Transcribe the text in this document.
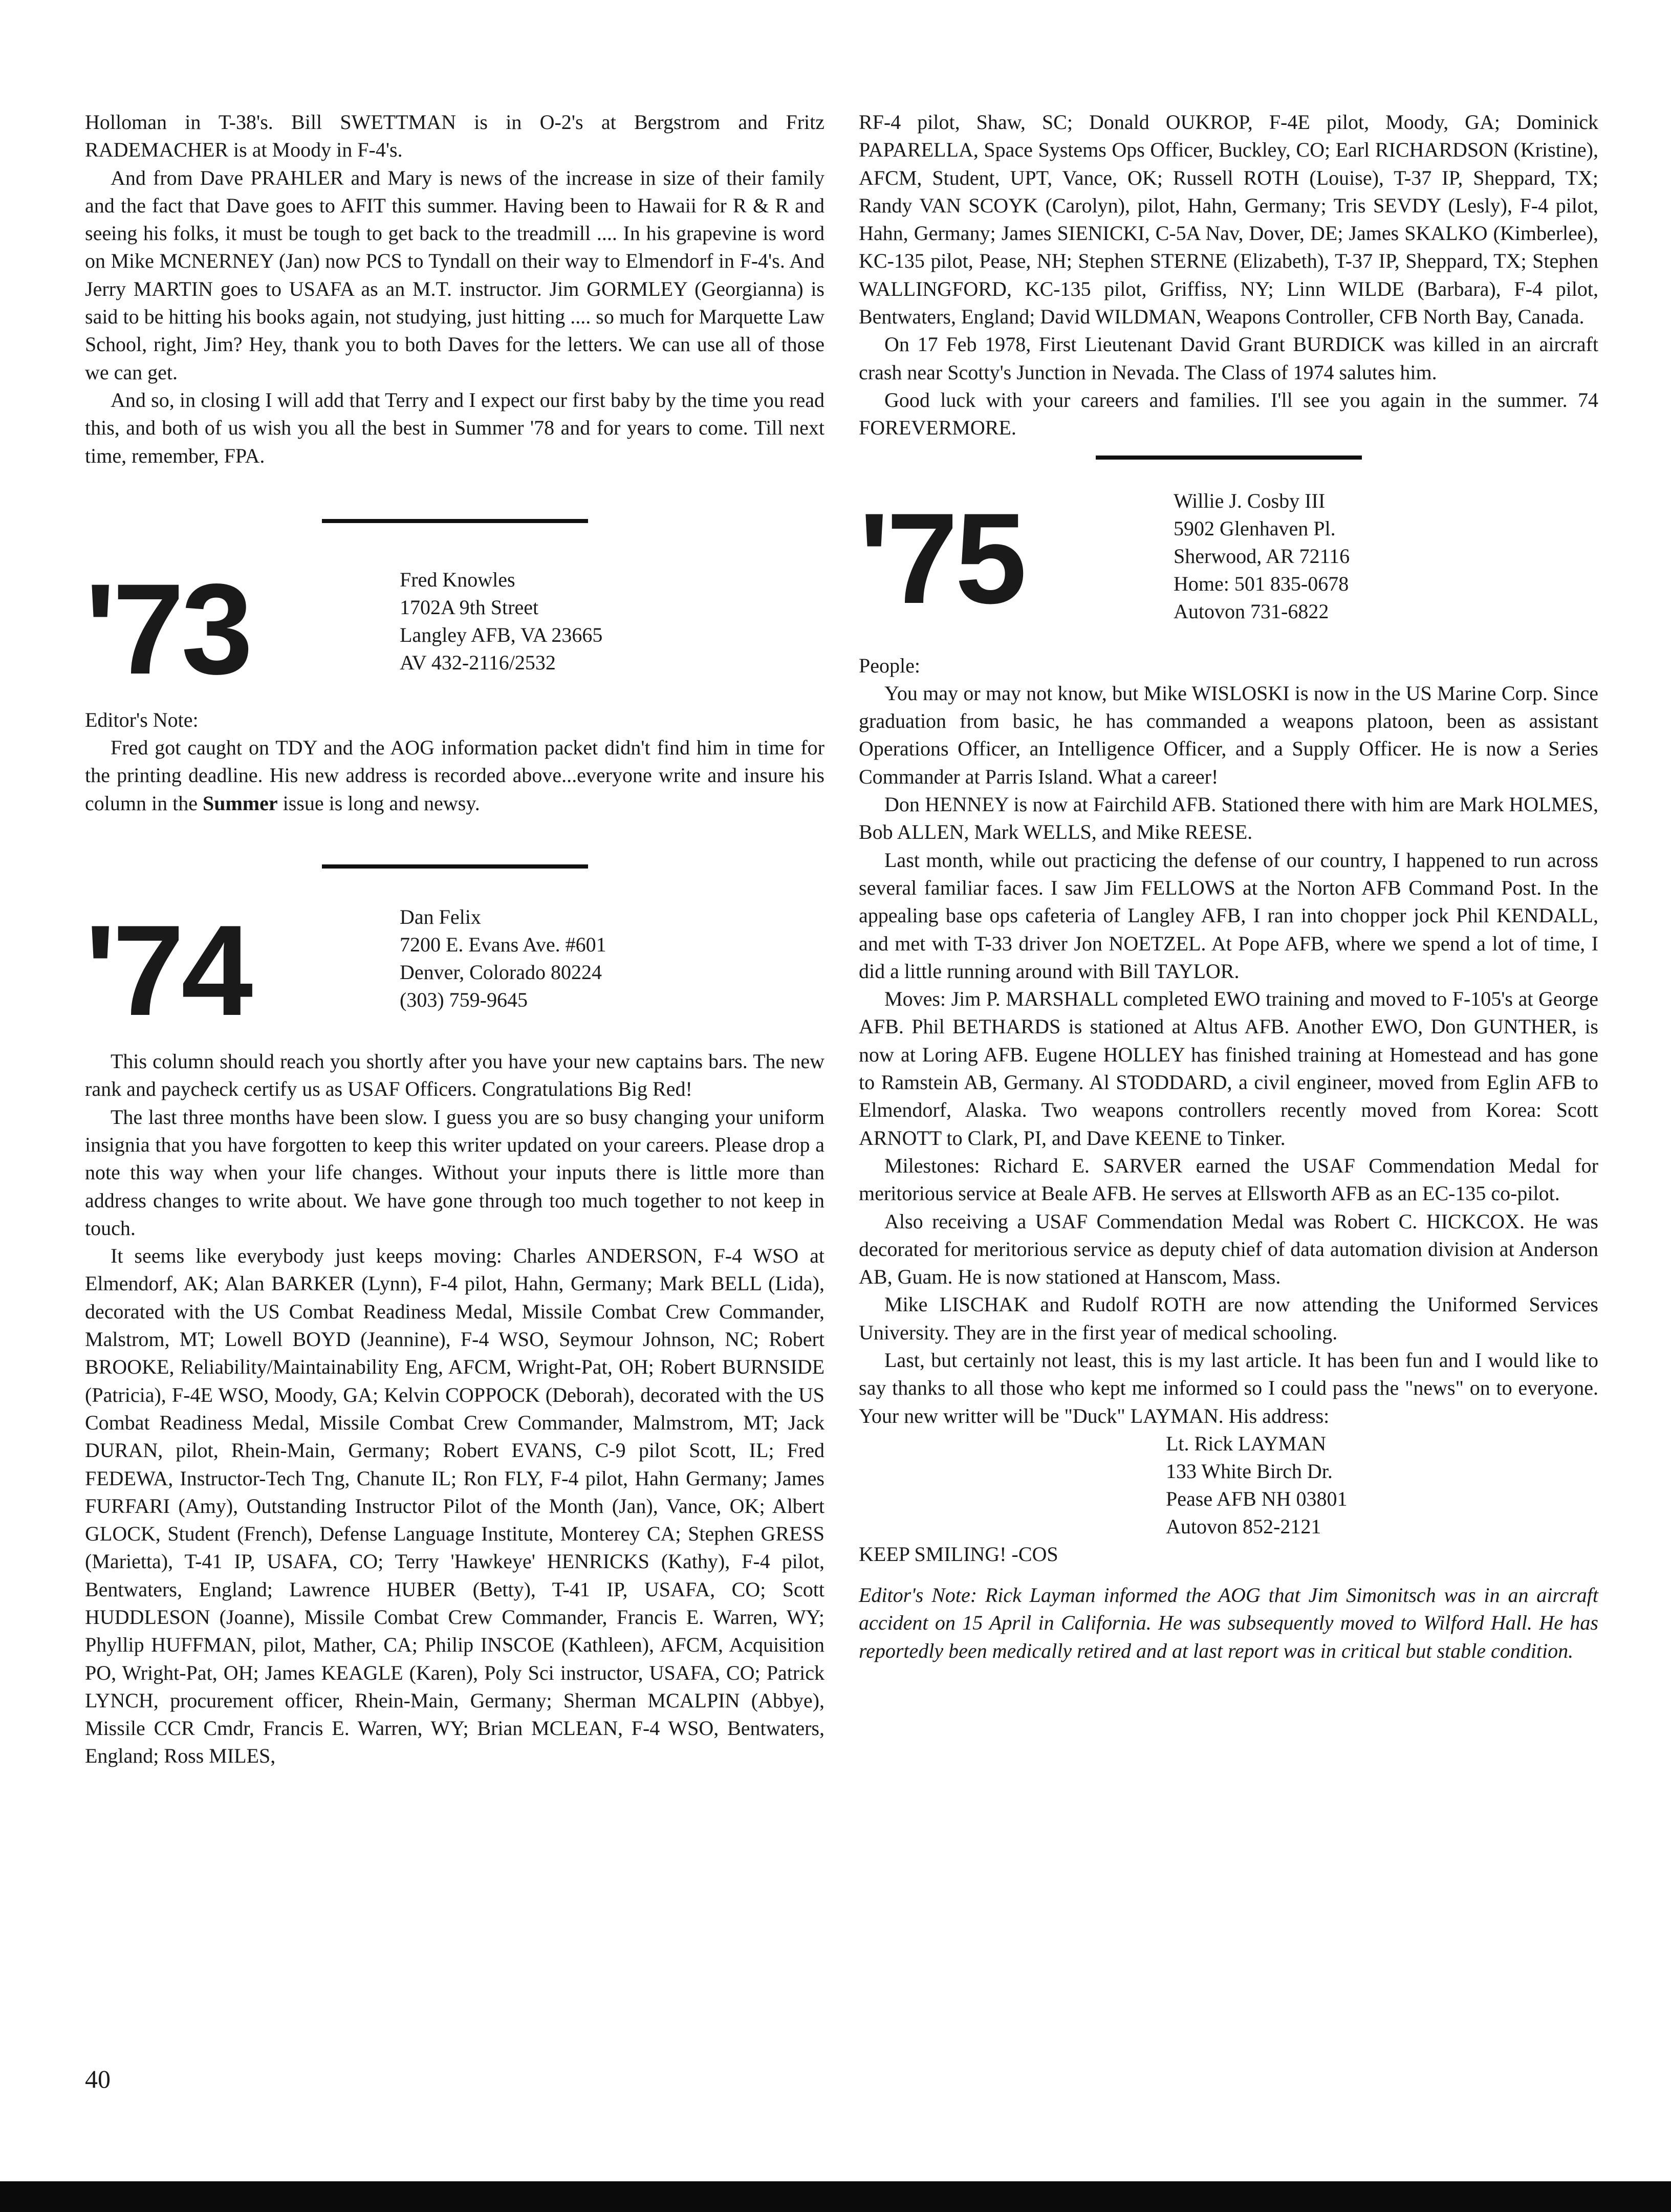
Holloman in T-38's. Bill SWETTMAN is in O-2's at Bergstrom and Fritz RADEMACHER is at Moody in F-4's.

And from Dave PRAHLER and Mary is news of the increase in size of their family and the fact that Dave goes to AFIT this summer. Having been to Hawaii for R & R and seeing his folks, it must be tough to get back to the treadmill .... In his grapevine is word on Mike MCNERNEY (Jan) now PCS to Tyndall on their way to Elmendorf in F-4's. And Jerry MARTIN goes to USAFA as an M.T. instructor. Jim GORMLEY (Georgianna) is said to be hitting his books again, not studying, just hitting .... so much for Marquette Law School, right, Jim? Hey, thank you to both Daves for the letters. We can use all of those we can get.

And so, in closing I will add that Terry and I expect our first baby by the time you read this, and both of us wish you all the best in Summer '78 and for years to come. Till next time, remember, FPA.

'73	Fred Knowles
1702A 9th Street
Langley AFB, VA 23665
AV 432-2116/2532

Editor's Note:

Fred got caught on TDY and the AOG information packet didn't find him in time for the printing deadline. His new address is recorded above...everyone write and insure his column in the Summer issue is long and newsy.

'74	Dan Felix
7200 E. Evans Ave. #601
Denver, Colorado 80224
(303) 759-9645

This column should reach you shortly after you have your new captains bars. The new rank and paycheck certify us as USAF Officers. Congratulations Big Red!

The last three months have been slow. I guess you are so busy changing your uniform insignia that you have forgotten to keep this writer updated on your careers. Please drop a note this way when your life changes. Without your inputs there is little more than address changes to write about. We have gone through too much together to not keep in touch.

It seems like everybody just keeps moving: Charles ANDERSON, F-4 WSO at Elmendorf, AK; Alan BARKER (Lynn), F-4 pilot, Hahn, Germany; Mark BELL (Lida), decorated with the US Combat Readiness Medal, Missile Combat Crew Commander, Malstrom, MT; Lowell BOYD (Jeannine), F-4 WSO, Seymour Johnson, NC; Robert BROOKE, Reliability/Maintainability Eng, AFCM, Wright-Pat, OH; Robert BURNSIDE (Patricia), F-4E WSO, Moody, GA; Kelvin COPPOCK (Deborah), decorated with the US Combat Readiness Medal, Missile Combat Crew Commander, Malmstrom, MT; Jack DURAN, pilot, Rhein-Main, Germany; Robert EVANS, C-9 pilot Scott, IL; Fred FEDEWA, Instructor-Tech Tng, Chanute IL; Ron FLY, F-4 pilot, Hahn Germany; James FURFARI (Amy), Outstanding Instructor Pilot of the Month (Jan), Vance, OK; Albert GLOCK, Student (French), Defense Language Institute, Monterey CA; Stephen GRESS (Marietta), T-41 IP, USAFA, CO; Terry 'Hawkeye' HENRICKS (Kathy), F-4 pilot, Bentwaters, England; Lawrence HUBER (Betty), T-41 IP, USAFA, CO; Scott HUDDLESON (Joanne), Missile Combat Crew Commander, Francis E. Warren, WY; Phyllip HUFFMAN, pilot, Mather, CA; Philip INSCOE (Kathleen), AFCM, Acquisition PO, Wright-Pat, OH; James KEAGLE (Karen), Poly Sci instructor, USAFA, CO; Patrick LYNCH, procurement officer, Rhein-Main, Germany; Sherman MCALPIN (Abbye), Missile CCR Cmdr, Francis E. Warren, WY; Brian MCLEAN, F-4 WSO, Bentwaters, England; Ross MILES,

RF-4 pilot, Shaw, SC; Donald OUKROP, F-4E pilot, Moody, GA; Dominick PAPARELLA, Space Systems Ops Officer, Buckley, CO; Earl RICHARDSON (Kristine), AFCM, Student, UPT, Vance, OK; Russell ROTH (Louise), T-37 IP, Sheppard, TX; Randy VAN SCOYK (Carolyn), pilot, Hahn, Germany; Tris SEVDY (Lesly), F-4 pilot, Hahn, Germany; James SIENICKI, C-5A Nav, Dover, DE; James SKALKO (Kimberlee), KC-135 pilot, Pease, NH; Stephen STERNE (Elizabeth), T-37 IP, Sheppard, TX; Stephen WALLINGFORD, KC-135 pilot, Griffiss, NY; Linn WILDE (Barbara), F-4 pilot, Bentwaters, England; David WILDMAN, Weapons Controller, CFB North Bay, Canada.

On 17 Feb 1978, First Lieutenant David Grant BURDICK was killed in an aircraft crash near Scotty's Junction in Nevada. The Class of 1974 salutes him.

Good luck with your careers and families. I'll see you again in the summer. 74 FOREVERMORE.

'75	Willie J. Cosby III
5902 Glenhaven Pl.
Sherwood, AR 72116
Home: 501 835-0678
Autovon 731-6822

People:

You may or may not know, but Mike WISLOSKI is now in the US Marine Corp. Since graduation from basic, he has commanded a weapons platoon, been as assistant Operations Officer, an Intelligence Officer, and a Supply Officer. He is now a Series Commander at Parris Island. What a career!

Don HENNEY is now at Fairchild AFB. Stationed there with him are Mark HOLMES, Bob ALLEN, Mark WELLS, and Mike REESE.

Last month, while out practicing the defense of our country, I happened to run across several familiar faces. I saw Jim FELLOWS at the Norton AFB Command Post. In the appealing base ops cafeteria of Langley AFB, I ran into chopper jock Phil KENDALL, and met with T-33 driver Jon NOETZEL. At Pope AFB, where we spend a lot of time, I did a little running around with Bill TAYLOR.

Moves: Jim P. MARSHALL completed EWO training and moved to F-105's at George AFB. Phil BETHARDS is stationed at Altus AFB. Another EWO, Don GUNTHER, is now at Loring AFB. Eugene HOLLEY has finished training at Homestead and has gone to Ramstein AB, Germany. Al STODDARD, a civil engineer, moved from Eglin AFB to Elmendorf, Alaska. Two weapons controllers recently moved from Korea: Scott ARNOTT to Clark, PI, and Dave KEENE to Tinker.

Milestones: Richard E. SARVER earned the USAF Commendation Medal for meritorious service at Beale AFB. He serves at Ellsworth AFB as an EC-135 co-pilot.

Also receiving a USAF Commendation Medal was Robert C. HICKCOX. He was decorated for meritorious service as deputy chief of data automation division at Anderson AB, Guam. He is now stationed at Hanscom, Mass.

Mike LISCHAK and Rudolf ROTH are now attending the Uniformed Services University. They are in the first year of medical schooling.

Last, but certainly not least, this is my last article. It has been fun and I would like to say thanks to all those who kept me informed so I could pass the "news" on to everyone. Your new writter will be "Duck" LAYMAN. His address:

Lt. Rick LAYMAN
133 White Birch Dr.
Pease AFB NH 03801
Autovon 852-2121

KEEP SMILING! -COS

Editor's Note: Rick Layman informed the AOG that Jim Simonitsch was in an aircraft accident on 15 April in California. He was subsequently moved to Wilford Hall. He has reportedly been medically retired and at last report was in critical but stable condition.

40
